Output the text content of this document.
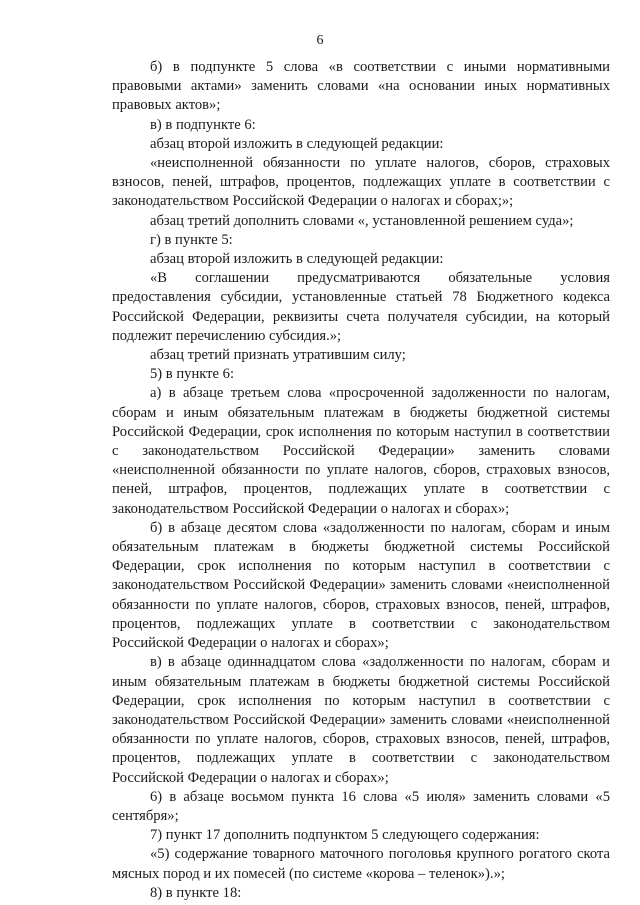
6

б) в подпункте 5 слова «в соответствии с иными нормативными правовыми актами» заменить словами «на основании иных нормативных правовых актов»;

в) в подпункте 6:

абзац второй изложить в следующей редакции:

«неисполненной обязанности по уплате налогов, сборов, страховых взносов, пеней, штрафов, процентов, подлежащих уплате в соответствии с законодательством Российской Федерации о налогах и сборах;»;

абзац третий дополнить словами «, установленной решением суда»;

г) в пункте 5:

абзац второй изложить в следующей редакции:

«В соглашении предусматриваются обязательные условия предоставления субсидии, установленные статьей 78 Бюджетного кодекса Российской Федерации, реквизиты счета получателя субсидии, на который подлежит перечислению субсидия.»;

абзац третий признать утратившим силу;

5) в пункте 6:

а) в абзаце третьем слова «просроченной задолженности по налогам, сборам и иным обязательным платежам в бюджеты бюджетной системы Российской Федерации, срок исполнения по которым наступил в соответствии с законодательством Российской Федерации» заменить словами «неисполненной обязанности по уплате налогов, сборов, страховых взносов, пеней, штрафов, процентов, подлежащих уплате в соответствии с законодательством Российской Федерации о налогах и сборах»;

б) в абзаце десятом слова «задолженности по налогам, сборам и иным обязательным платежам в бюджеты бюджетной системы Российской Федерации, срок исполнения по которым наступил в соответствии с законодательством Российской Федерации» заменить словами «неисполненной обязанности по уплате налогов, сборов, страховых взносов, пеней, штрафов, процентов, подлежащих уплате в соответствии с законодательством Российской Федерации о налогах и сборах»;

в) в абзаце одиннадцатом слова «задолженности по налогам, сборам и иным обязательным платежам в бюджеты бюджетной системы Российской Федерации, срок исполнения по которым наступил в соответствии с законодательством Российской Федерации» заменить словами «неисполненной обязанности по уплате налогов, сборов, страховых взносов, пеней, штрафов, процентов, подлежащих уплате в соответствии с законодательством Российской Федерации о налогах и сборах»;

6) в абзаце восьмом пункта 16 слова «5 июля» заменить словами «5 сентября»;

7) пункт 17 дополнить подпунктом 5 следующего содержания:

«5) содержание товарного маточного поголовья крупного рогатого скота мясных пород и их помесей (по системе «корова – теленок»).»;

8) в пункте 18:
